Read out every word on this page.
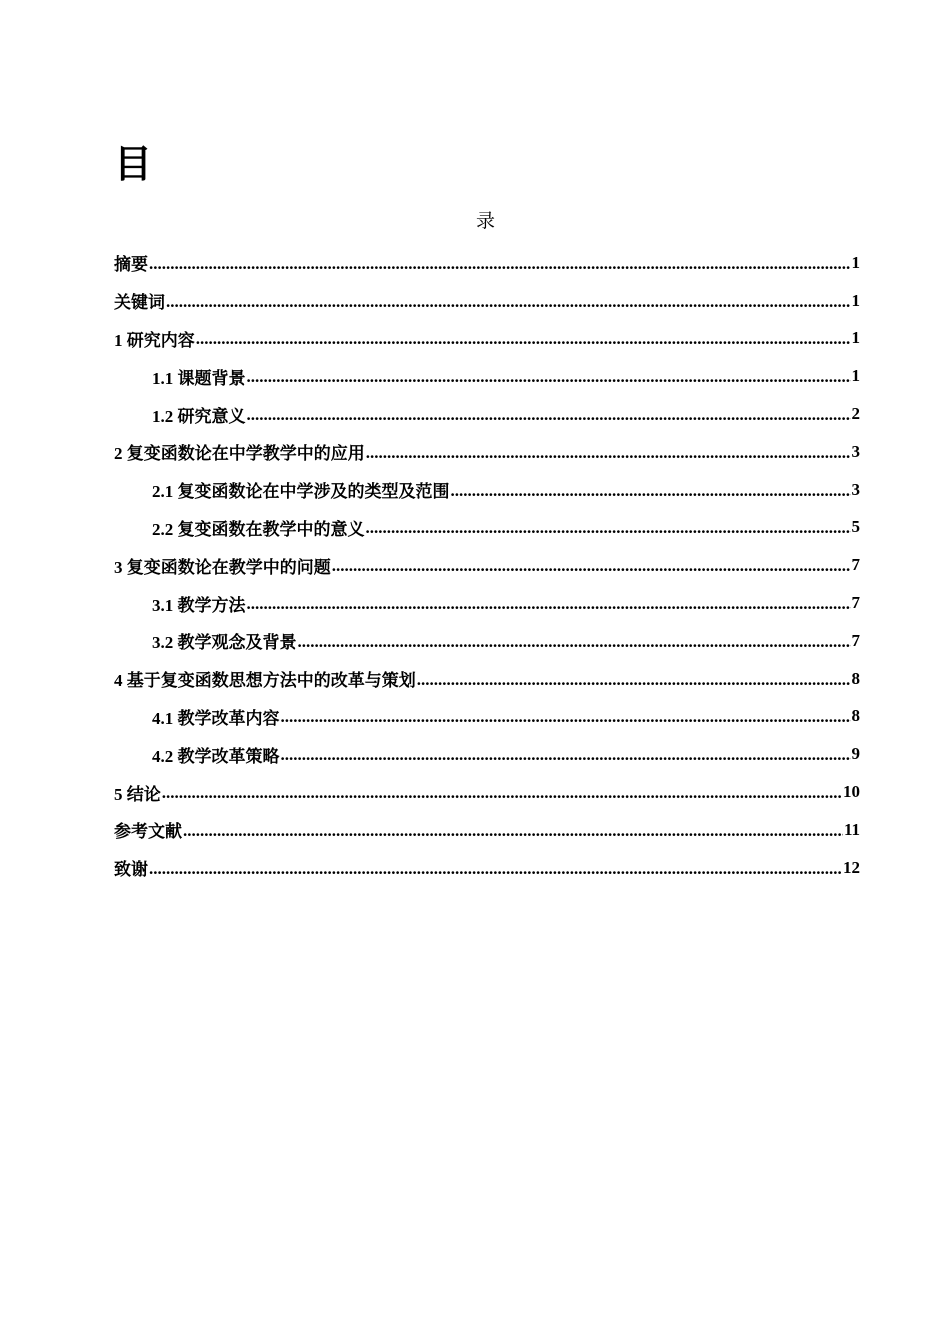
目
录
摘要 .....	1
关键词 .....	1
1 研究内容 .....	1
1.1 课题背景 .....	1
1.2 研究意义 .....	2
2 复变函数论在中学教学中的应用 .....	3
2.1 复变函数论在中学涉及的类型及范围 .....	3
2.2 复变函数在教学中的意义 .....	5
3 复变函数论在教学中的问题 .....	7
3.1 教学方法 .....	7
3.2 教学观念及背景 .....	7
4 基于复变函数思想方法中的改革与策划 .....	8
4.1 教学改革内容 .....	8
4.2 教学改革策略 .....	9
5 结论 .....	10
参考文献 .....	11
致谢 .....	12
